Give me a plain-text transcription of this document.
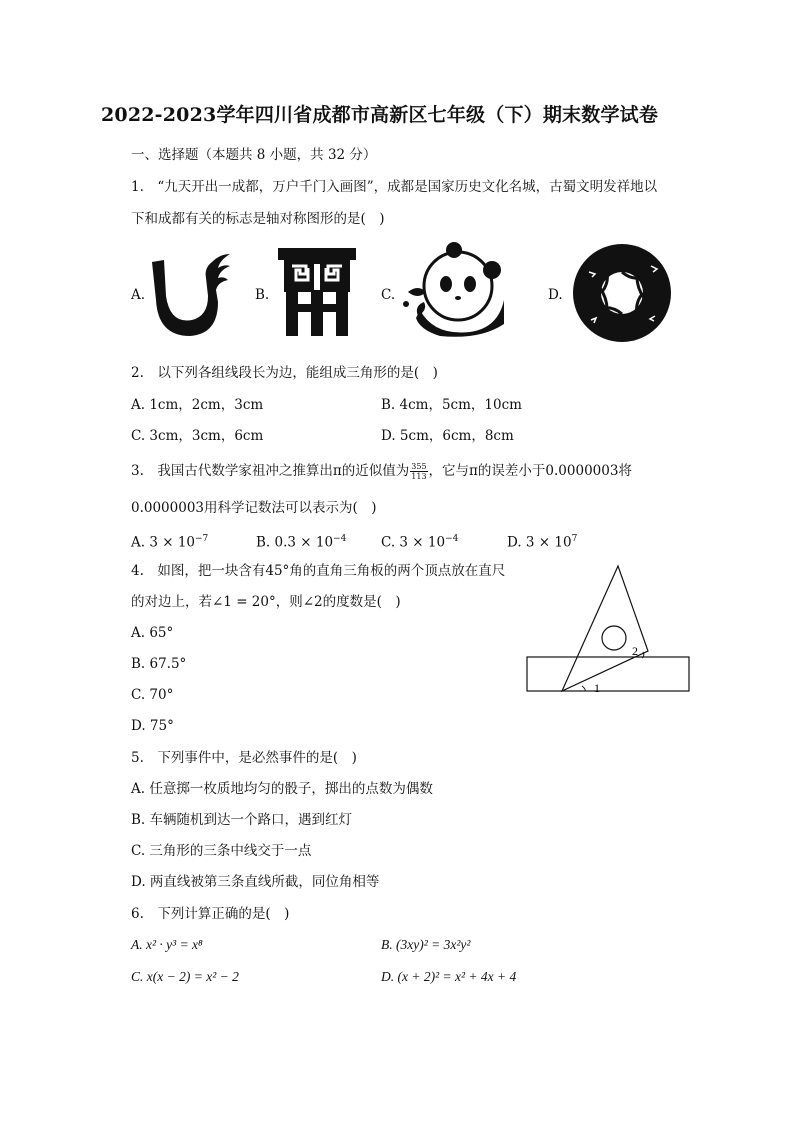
2022-2023学年四川省成都市高新区七年级（下）期末数学试卷
一、选择题（本题共 8 小题，共 32 分）
1.　“九天开出一成都，万户千门入画图”，成都是国家历史文化名城，古蜀文明发祥地以
下和成都有关的标志是轴对称图形的是(　)
A.	B.	C.	D.
2.　以下列各组线段长为边，能组成三角形的是(　)
A. 1cm，2cm，3cm	B. 4cm，5cm，10cm
C. 3cm，3cm，6cm	D. 5cm，6cm，8cm
3.　我国古代数学家祖冲之推算出π的近似值为 $\frac{355}{113}$ ，它与π的误差小于0.0000003将
0.0000003用科学记数法可以表示为(　)
A. $3 \times 10^{-7}$	B. $0.3 \times 10^{-4}$	C. $3 \times 10^{-4}$	D. $3 \times 10^7$
4.　如图，把一块含有45°角的直角三角板的两个顶点放在直尺
的对边上，若∠1 = 20°，则∠2的度数是(　)
A. 65°
B. 67.5°
C. 70°
D. 75°
1
2
5.　下列事件中，是必然事件的是(　)
A. 任意掷一枚质地均匀的骰子，掷出的点数为偶数
B. 车辆随机到达一个路口，遇到红灯
C. 三角形的三条中线交于一点
D. 两直线被第三条直线所截，同位角相等
6.　下列计算正确的是(　)
A. x² · y³ = x⁸	B. (3xy)² = 3x²y²
C. x(x − 2) = x² − 2	D. (x + 2)² = x² + 4x + 4
